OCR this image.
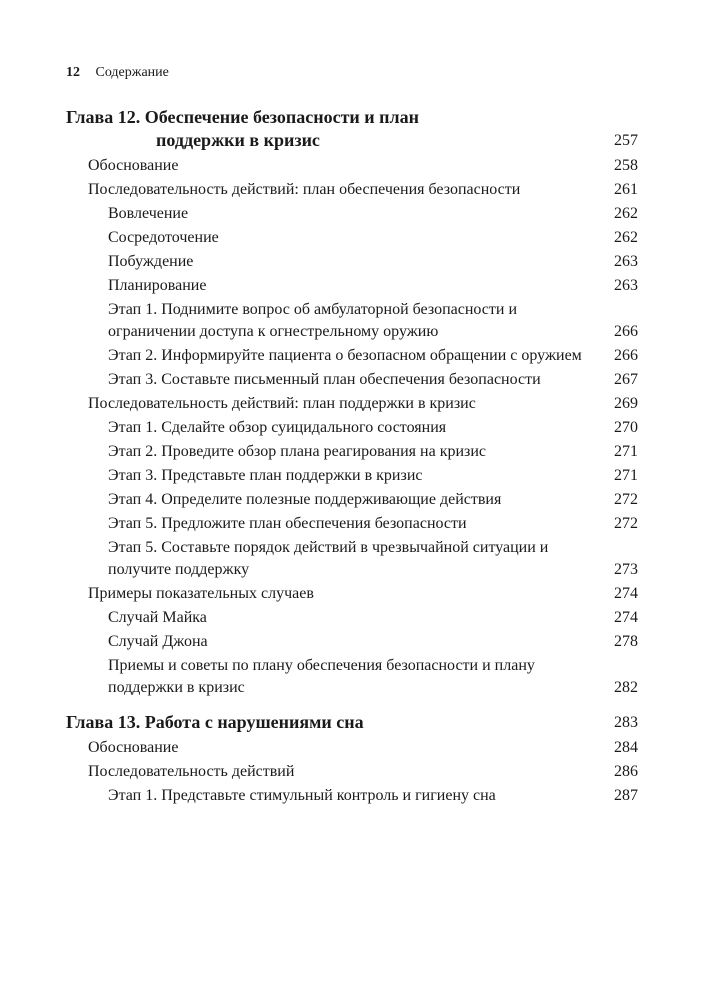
12 Содержание
Глава 12. Обеспечение безопасности и план
поддержки в кризис	257
Обоснование	258
Последовательность действий: план обеспечения безопасности	261
Вовлечение	262
Сосредоточение	262
Побуждение	263
Планирование	263
Этап 1. Поднимите вопрос об амбулаторной безопасности и ограничении доступа к огнестрельному оружию	266
Этап 2. Информируйте пациента о безопасном обращении с оружием 266
Этап 3. Составьте письменный план обеспечения безопасности	267
Последовательность действий: план поддержки в кризис	269
Этап 1. Сделайте обзор суицидального состояния	270
Этап 2. Проведите обзор плана реагирования на кризис	271
Этап 3. Представьте план поддержки в кризис	271
Этап 4. Определите полезные поддерживающие действия	272
Этап 5. Предложите план обеспечения безопасности	272
Этап 5. Составьте порядок действий в чрезвычайной ситуации и получите поддержку	273
Примеры показательных случаев	274
Случай Майка	274
Случай Джона	278
Приемы и советы по плану обеспечения безопасности и плану поддержки в кризис	282
Глава 13. Работа с нарушениями сна	283
Обоснование	284
Последовательность действий	286
Этап 1. Представьте стимульный контроль и гигиену сна	287
